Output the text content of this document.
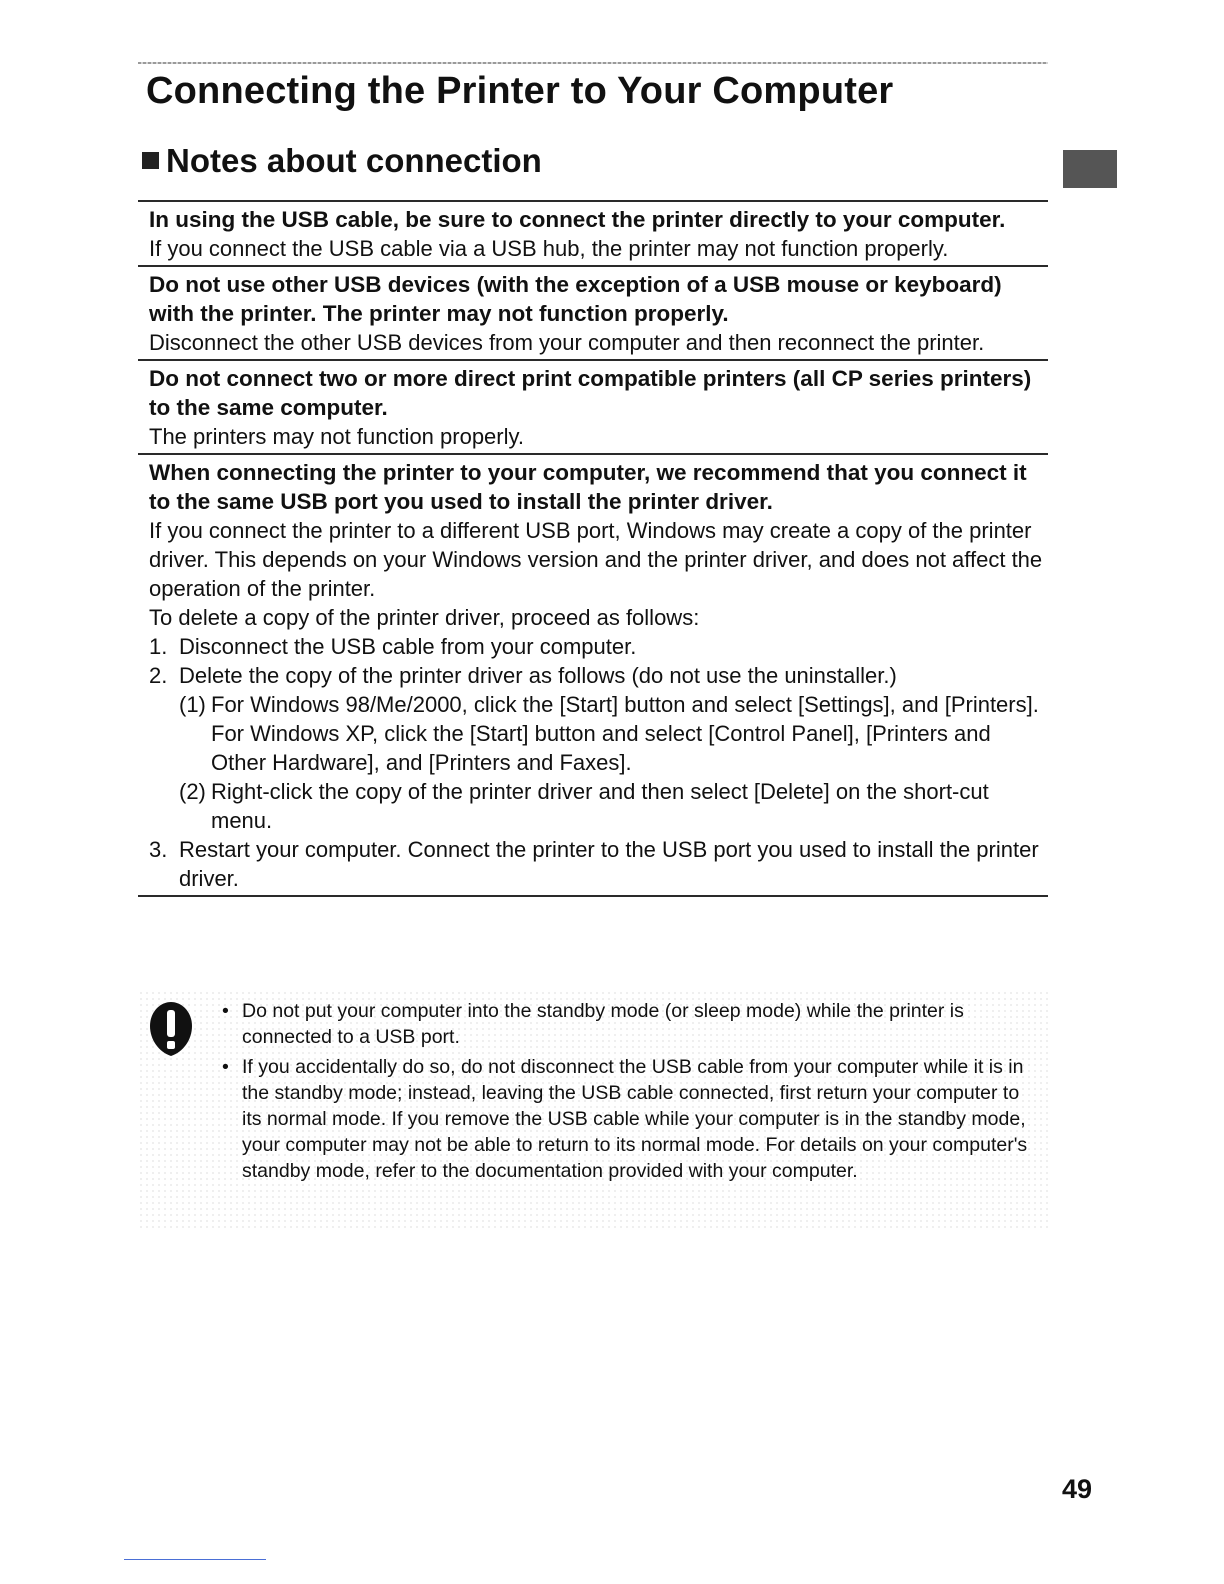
Connecting the Printer to Your Computer
Notes about connection

In using the USB cable, be sure to connect the printer directly to your computer.

If you connect the USB cable via a USB hub, the printer may not function properly.

Do not use other USB devices (with the exception of a USB mouse or keyboard) with the printer. The printer may not function properly.

Disconnect the other USB devices from your computer and then reconnect the printer.

Do not connect two or more direct print compatible printers (all CP series printers) to the same computer.

The printers may not function properly.

When connecting the printer to your computer, we recommend that you connect it to the same USB port you used to install the printer driver.

If you connect the printer to a different USB port, Windows may create a copy of the printer driver. This depends on your Windows version and the printer driver, and does not affect the operation of the printer.

To delete a copy of the printer driver, proceed as follows:

1. Disconnect the USB cable from your computer.
2. Delete the copy of the printer driver as follows (do not use the uninstaller.)
(1) For Windows 98/Me/2000, click the [Start] button and select [Settings], and [Printers].
For Windows XP, click the [Start] button and select [Control Panel], [Printers and Other Hardware], and [Printers and Faxes].
(2) Right-click the copy of the printer driver and then select [Delete] on the short-cut menu.
3. Restart your computer. Connect the printer to the USB port you used to install the printer driver.
• Do not put your computer into the standby mode (or sleep mode) while the printer is connected to a USB port.
• If you accidentally do so, do not disconnect the USB cable from your computer while it is in the standby mode; instead, leaving the USB cable connected, first return your computer to its normal mode. If you remove the USB cable while your computer is in the standby mode, your computer may not be able to return to its normal mode. For details on your computer's standby mode, refer to the documentation provided with your computer.
49
